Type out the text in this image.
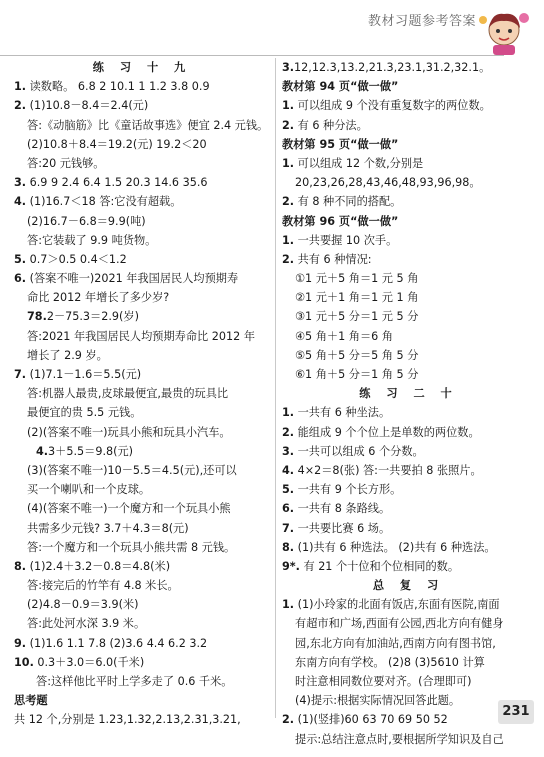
教材习题参考答案
练 习 十 九
1. 读数略。 6.8 2 10.1 1 1.2 3.8 0.9
2. (1)10.8－8.4＝2.4(元)
答:《动脑筋》比《童话故事选》便宜 2.4 元钱。
(2)10.8＋8.4＝19.2(元) 19.2＜20
答:20 元钱够。
3. 6.9 9 2.4 6.4 1.5 20.3 14.6 35.6
4. (1)16.7＜18 答:它没有超载。
(2)16.7－6.8＝9.9(吨)
答:它装载了 9.9 吨货物。
5. 0.7＞0.5 0.4＜1.2
6. (答案不唯一)2021 年我国居民人均预期寿
命比 2012 年增长了多少岁?
78.2－75.3＝2.9(岁)
答:2021 年我国居民人均预期寿命比 2012 年
增长了 2.9 岁。
7. (1)7.1－1.6＝5.5(元)
答:机器人最贵,皮球最便宜,最贵的玩具比
最便宜的贵 5.5 元钱。
(2)(答案不唯一)玩具小熊和玩具小汽车。
4.3＋5.5＝9.8(元)
(3)(答案不唯一)10－5.5＝4.5(元),还可以
买一个喇叭和一个皮球。
(4)(答案不唯一)一个魔方和一个玩具小熊
共需多少元钱? 3.7＋4.3＝8(元)
答:一个魔方和一个玩具小熊共需 8 元钱。
8. (1)2.4＋3.2－0.8＝4.8(米)
答:接完后的竹竿有 4.8 米长。
(2)4.8－0.9＝3.9(米)
答:此处河水深 3.9 米。
9. (1)1.6 1.1 7.8 (2)3.6 4.4 6.2 3.2
10. 0.3＋3.0＝6.0(千米)
答:这样他比平时上学多走了 0.6 千米。
思考题
共 12 个,分别是 1.23,1.32,2.13,2.31,3.21,
3.12,12.3,13.2,21.3,23.1,31.2,32.1。
教材第 94 页“做一做”
1. 可以组成 9 个没有重复数字的两位数。
2. 有 6 种分法。
教材第 95 页“做一做”
1. 可以组成 12 个数,分别是
20,23,26,28,43,46,48,93,96,98。
2. 有 8 种不同的搭配。
教材第 96 页“做一做”
1. 一共要握 10 次手。
2. 共有 6 种情况:
①1 元＋5 角＝1 元 5 角
②1 元＋1 角＝1 元 1 角
③1 元＋5 分＝1 元 5 分
④5 角＋1 角＝6 角
⑤5 角＋5 分＝5 角 5 分
⑥1 角＋5 分＝1 角 5 分
练 习 二 十
1. 一共有 6 种坐法。
2. 能组成 9 个个位上是单数的两位数。
3. 一共可以组成 6 个分数。
4. 4×2＝8(张) 答:一共要拍 8 张照片。
5. 一共有 9 个长方形。
6. 一共有 8 条路线。
7. 一共要比赛 6 场。
8. (1)共有 6 种选法。 (2)共有 6 种选法。
9*. 有 21 个十位和个位相同的数。
总 复 习
1. (1)小玲家的北面有饭店,东面有医院,南面
有超市和广场,西面有公园,西北方向有健身
园,东北方向有加油站,西南方向有图书馆,
东南方向有学校。 (2)8 (3)5610 计算
时注意相同数位要对齐。(合理即可)
(4)提示:根据实际情况回答此题。
2. (1)(竖排)60 63 70 69 50 52
提示:总结注意点时,要根据所学知识及自己
231
